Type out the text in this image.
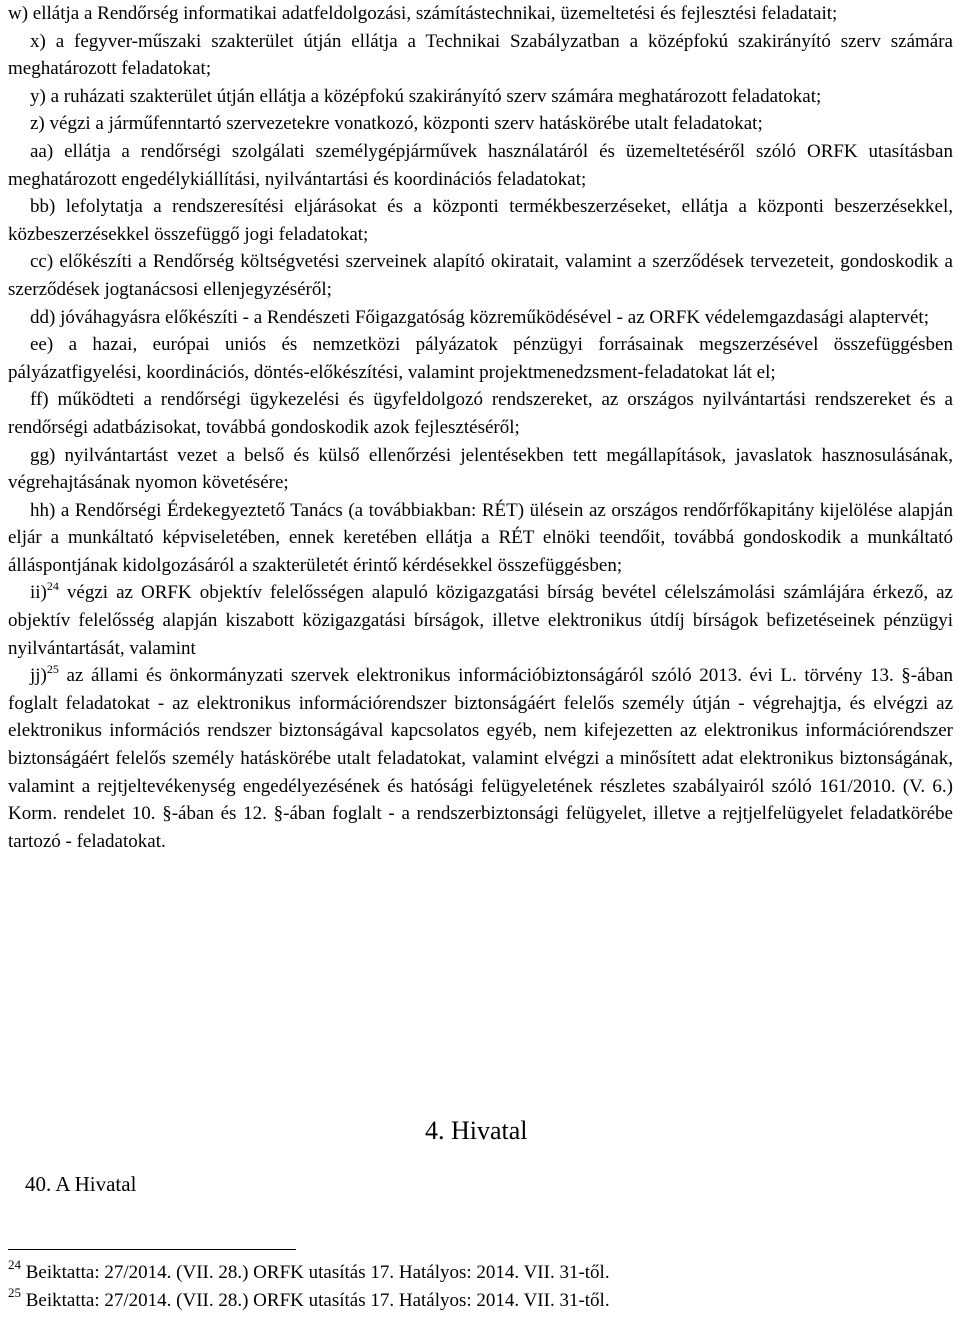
w) ellátja a Rendőrség informatikai adatfeldolgozási, számítástechnikai, üzemeltetési és fejlesztési feladatait;

x) a fegyver-műszaki szakterület útján ellátja a Technikai Szabályzatban a középfokú szakirányító szerv számára meghatározott feladatokat;

y) a ruházati szakterület útján ellátja a középfokú szakirányító szerv számára meghatározott feladatokat;

z) végzi a járműfenntartó szervezetekre vonatkozó, központi szerv hatáskörébe utalt feladatokat;

aa) ellátja a rendőrségi szolgálati személygépjárművek használatáról és üzemeltetéséről szóló ORFK utasításban meghatározott engedélykiállítási, nyilvántartási és koordinációs feladatokat;

bb) lefolytatja a rendszeresítési eljárásokat és a központi termékbeszerzéseket, ellátja a központi beszerzésekkel, közbeszerzésekkel összefüggő jogi feladatokat;

cc) előkészíti a Rendőrség költségvetési szerveinek alapító okiratait, valamint a szerződések tervezeteit, gondoskodik a szerződések jogtanácsosi ellenjegyzéséről;

dd) jóváhagyásra előkészíti - a Rendészeti Főigazgatóság közreműködésével - az ORFK védelemgazdasági alaptervét;

ee) a hazai, európai uniós és nemzetközi pályázatok pénzügyi forrásainak megszerzésével összefüggésben pályázatfigyelési, koordinációs, döntés-előkészítési, valamint projektmenedzsment-feladatokat lát el;

ff) működteti a rendőrségi ügykezelési és ügyfeldolgozó rendszereket, az országos nyilvántartási rendszereket és a rendőrségi adatbázisokat, továbbá gondoskodik azok fejlesztéséről;

gg) nyilvántartást vezet a belső és külső ellenőrzési jelentésekben tett megállapítások, javaslatok hasznosulásának, végrehajtásának nyomon követésére;

hh) a Rendőrségi Érdekegyeztető Tanács (a továbbiakban: RÉT) ülésein az országos rendőrfőkapitány kijelölése alapján eljár a munkáltató képviseletében, ennek keretében ellátja a RÉT elnöki teendőit, továbbá gondoskodik a munkáltató álláspontjának kidolgozásáról a szakterületét érintő kérdésekkel összefüggésben;

ii)$^{24}$ végzi az ORFK objektív felelősségen alapuló közigazgatási bírság bevétel célelszámolási számlájára érkező, az objektív felelősség alapján kiszabott közigazgatási bírságok, illetve elektronikus útdíj bírságok befizetéseinek pénzügyi nyilvántartását, valamint

jj)$^{25}$ az állami és önkormányzati szervek elektronikus információbiztonságáról szóló 2013. évi L. törvény 13. §-ában foglalt feladatokat - az elektronikus információrendszer biztonságáért felelős személy útján - végrehajtja, és elvégzi az elektronikus információs rendszer biztonságával kapcsolatos egyéb, nem kifejezetten az elektronikus információrendszer biztonságáért felelős személy hatáskörébe utalt feladatokat, valamint elvégzi a minősített adat elektronikus biztonságának, valamint a rejtjeltevékenység engedélyezésének és hatósági felügyeletének részletes szabályairól szóló 161/2010. (V. 6.) Korm. rendelet 10. §-ában és 12. §-ában foglalt - a rendszerbiztonsági felügyelet, illetve a rejtjelfelügyelet feladatkörébe tartozó - feladatokat.

4. Hivatal
40. A Hivatal

$^{24}$ Beiktatta: 27/2014. (VII. 28.) ORFK utasítás 17. Hatályos: 2014. VII. 31-től.

$^{25}$ Beiktatta: 27/2014. (VII. 28.) ORFK utasítás 17. Hatályos: 2014. VII. 31-től.
